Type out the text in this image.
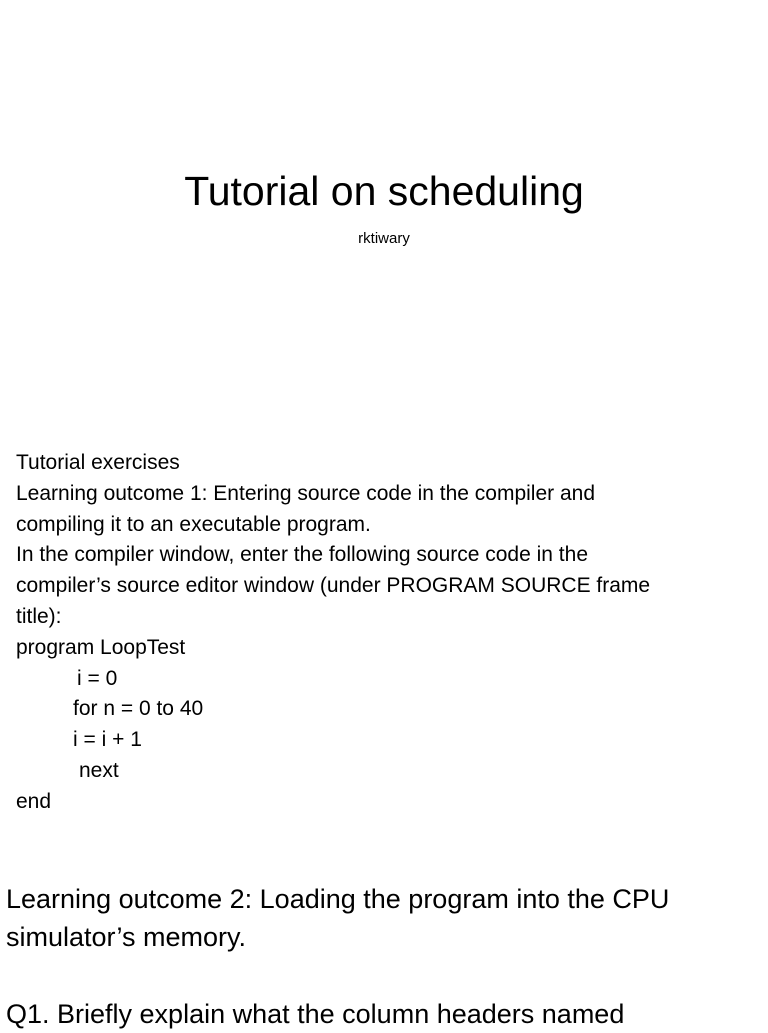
Tutorial on scheduling
rktiwary
Tutorial exercises
Learning outcome 1: Entering source code in the compiler and
compiling it to an executable program.
In the compiler window, enter the following source code in the
compiler’s source editor window (under PROGRAM SOURCE frame
title):
program LoopTest
i = 0
for n = 0 to 40
i = i + 1
next
end
Learning outcome 2: Loading the program into the CPU
simulator’s memory.
Q1. Briefly explain what the column headers named
